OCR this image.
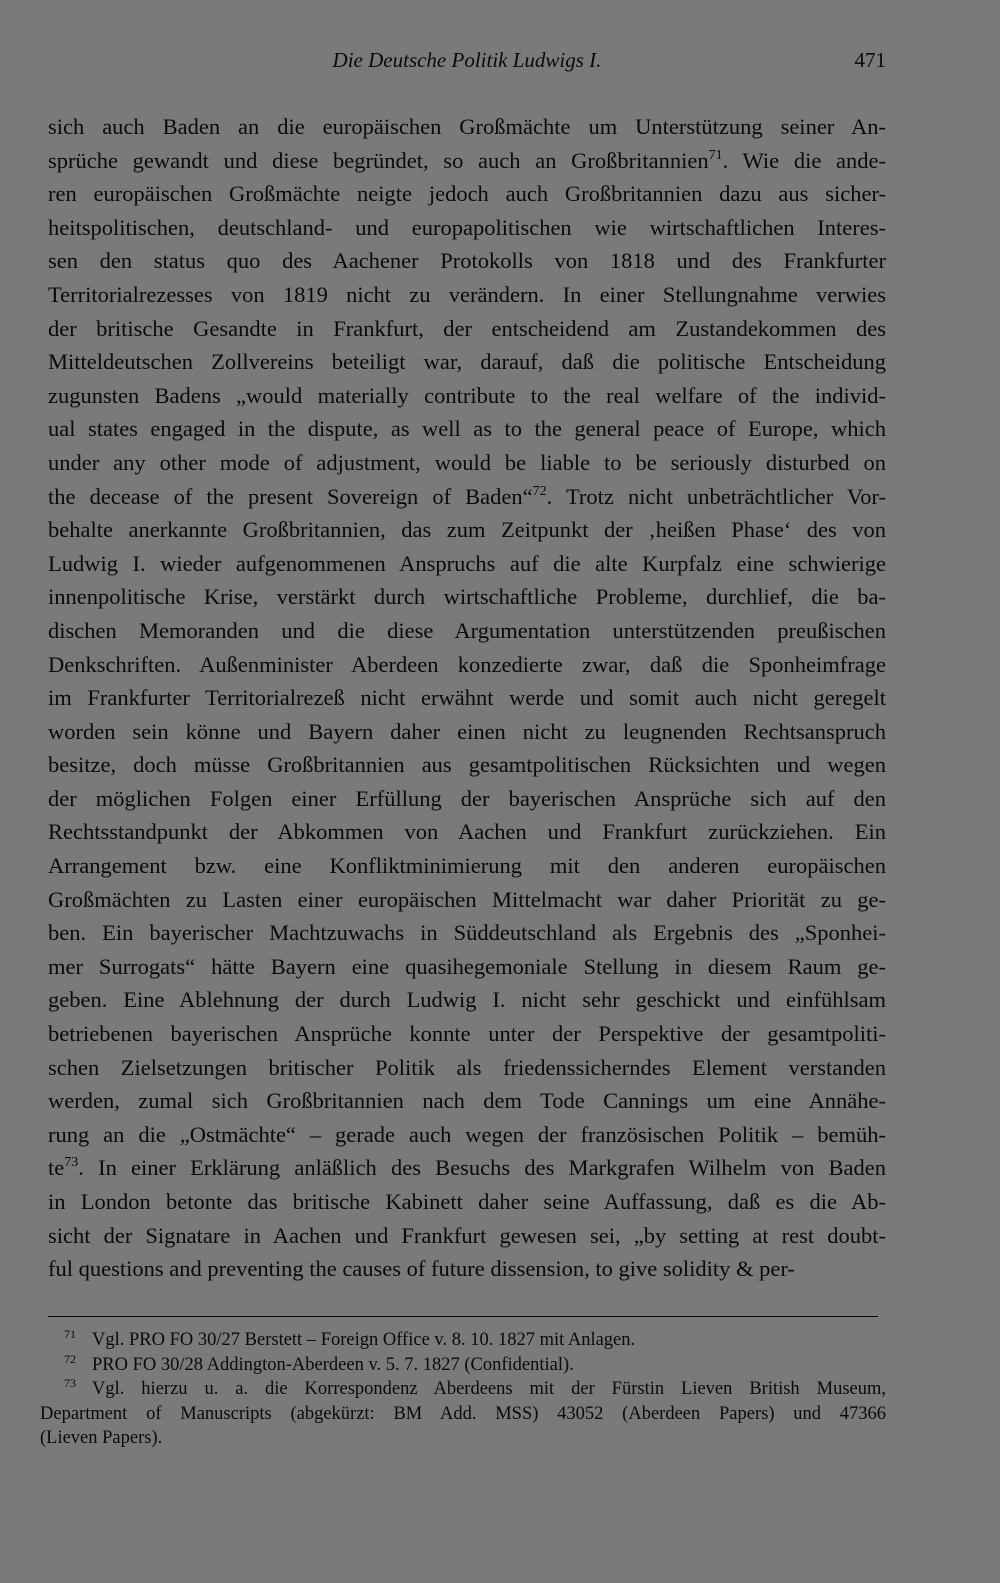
Die Deutsche Politik Ludwigs I.	471
sich auch Baden an die europäischen Großmächte um Unterstützung seiner An-
sprüche gewandt und diese begründet, so auch an Großbritannien$^{71}$. Wie die ande-
ren europäischen Großmächte neigte jedoch auch Großbritannien dazu aus sicher-
heitspolitischen, deutschland- und europapolitischen wie wirtschaftlichen Interes-
sen den status quo des Aachener Protokolls von 1818 und des Frankfurter
Territorialrezesses von 1819 nicht zu verändern. In einer Stellungnahme verwies
der britische Gesandte in Frankfurt, der entscheidend am Zustandekommen des
Mitteldeutschen Zollvereins beteiligt war, darauf, daß die politische Entscheidung
zugunsten Badens „would materially contribute to the real welfare of the individ-
ual states engaged in the dispute, as well as to the general peace of Europe, which
under any other mode of adjustment, would be liable to be seriously disturbed on
the decease of the present Sovereign of Baden“$^{72}$. Trotz nicht unbeträchtlicher Vor-
behalte anerkannte Großbritannien, das zum Zeitpunkt der ‚heißen Phase‘ des von
Ludwig I. wieder aufgenommenen Anspruchs auf die alte Kurpfalz eine schwierige
innenpolitische Krise, verstärkt durch wirtschaftliche Probleme, durchlief, die ba-
dischen Memoranden und die diese Argumentation unterstützenden preußischen
Denkschriften. Außenminister Aberdeen konzedierte zwar, daß die Sponheimfrage
im Frankfurter Territorialrezeß nicht erwähnt werde und somit auch nicht geregelt
worden sein könne und Bayern daher einen nicht zu leugnenden Rechtsanspruch
besitze, doch müsse Großbritannien aus gesamtpolitischen Rücksichten und wegen
der möglichen Folgen einer Erfüllung der bayerischen Ansprüche sich auf den
Rechtsstandpunkt der Abkommen von Aachen und Frankfurt zurückziehen. Ein
Arrangement bzw. eine Konfliktminimierung mit den anderen europäischen
Großmächten zu Lasten einer europäischen Mittelmacht war daher Priorität zu ge-
ben. Ein bayerischer Machtzuwachs in Süddeutschland als Ergebnis des „Sponhei-
mer Surrogats“ hätte Bayern eine quasihegemoniale Stellung in diesem Raum ge-
geben. Eine Ablehnung der durch Ludwig I. nicht sehr geschickt und einfühlsam
betriebenen bayerischen Ansprüche konnte unter der Perspektive der gesamtpoliti-
schen Zielsetzungen britischer Politik als friedenssicherndes Element verstanden
werden, zumal sich Großbritannien nach dem Tode Cannings um eine Annähe-
rung an die „Ostmächte“ – gerade auch wegen der französischen Politik – bemüh-
$te^{73}$. In einer Erklärung anläßlich des Besuchs des Markgrafen Wilhelm von Baden
in London betonte das britische Kabinett daher seine Auffassung, daß es die Ab-
sicht der Signatare in Aachen und Frankfurt gewesen sei, „by setting at rest doubt-
ful questions and preventing the causes of future dissension, to give solidity & per-
$^{71}$ Vgl. PRO FO 30/27 Berstett – Foreign Office v. 8. 10. 1827 mit Anlagen.
$^{72}$ PRO FO 30/28 Addington-Aberdeen v. 5. 7. 1827 (Confidential).
$^{73}$ Vgl. hierzu u. a. die Korrespondenz Aberdeens mit der Fürstin Lieven British Museum,
Department of Manuscripts (abgekürzt: BM Add. MSS) 43052 (Aberdeen Papers) und 47366
(Lieven Papers).
